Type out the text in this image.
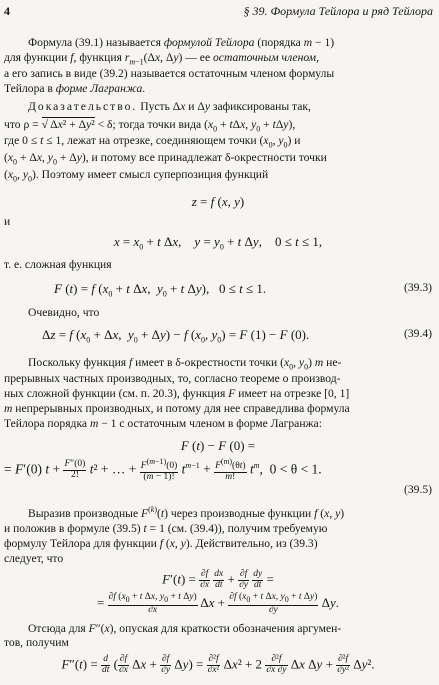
4	§ 39. Формула Тейлора и ряд Тейлора

Формула (39.1) называется формулой Тейлора (порядка m − 1)

для функции f, функция $r_{m-1}(\Delta x$, Δy) — ее остаточным членом,

а его запись в виде (39.2) называется остаточным членом формулы

Тейлора в форме Лагранжа.

Доказательство. Пусть Δx и Δy зафиксированы так,

что ρ = √ Δx² + Δy² < δ; тогда точки вида ($x_0 + t\Delta x$, $y_0 + t\Delta y$),

где 0 ≤ t ≤ 1, лежат на отрезке, соединяющем точки ($x_0$, $y_0$) и

($x_0 + \Delta x$, $y_0 + \Delta y$), и потому все принадлежат δ-окрестности точки

($x_0$, $y_0$). Поэтому имеет смысл суперпозиция функций

z = f (x, y)

и

$x = x_0 + t$ Δx,    $y = y_0 + t$ Δy,    0 ≤ t ≤ 1,

т. е. сложная функция

F (t) = f ($x_0 + t$ Δx,  $y_0 + t$ Δy),   0 ≤ t ≤ 1.	(39.3)

Очевидно, что

Δz = f ($x_0 + \Delta x$,  $y_0 + \Delta y) - f$ ($x_0$, $y_0) = F$ (1) − F (0).	(39.4)

Поскольку функция f имеет в δ-окрестности точки ($x_0$, $y_0$) m не-

прерывных частных производных, то, согласно теореме о производ-

ных сложной функции (см. п. 20.3), функция F имеет на отрезке [0, 1]

m непрерывных производных, и потому для нее справедлива формула

Тейлора порядка m − 1 с остаточным членом в форме Лагранжа:

F (t) − F (0) =

= F′(0) $t + \frac{F''(0)}{2!} t^2$ + … + $\frac{F^{(m-1)}(0)}{(m - 1)!} t^{m-1} + \frac{F^{(m)}(\theta t)}{m!} t^m$,  0 < θ < 1.

(39.5)

Выразив производные $F^{(k)}(t)$ через производные функции f (x, y)

и положив в формуле (39.5) t = 1 (см. (39.4)), получим требуемую

формулу Тейлора для функции f (x, y). Действительно, из (39.3)

следует, что

$F'(t) = \frac{\partial f}{\partial x}$
$\frac{dx}{dt} + \frac{\partial f}{\partial y}$
$\frac{dy}{dt}$ =

= $\frac{\partial f (x_0 + t \Delta x, y_0 + t \Delta y)}{\partial x}$ $\Delta x + \frac{\partial f (x_0 + t \Delta x, y_0 + t \Delta y)}{\partial y} \Delta y$.

Отсюда для F″(x), опуская для краткости обозначения аргумен-

тов, получим

$F''(t) = \frac{d}{dt}$ ( $\frac{\partial f}{\partial x}$ $\Delta x + \frac{\partial f}{\partial y} \Delta y) = \frac{\text{∂²f}}{\text{∂x²}} \Delta x^2 + 2 \frac{\text{∂²f}}{\partial x \partial y}$ Δx $\Delta y + \frac{\text{∂²f}}{\text{∂y²}} \Delta y^2$.
